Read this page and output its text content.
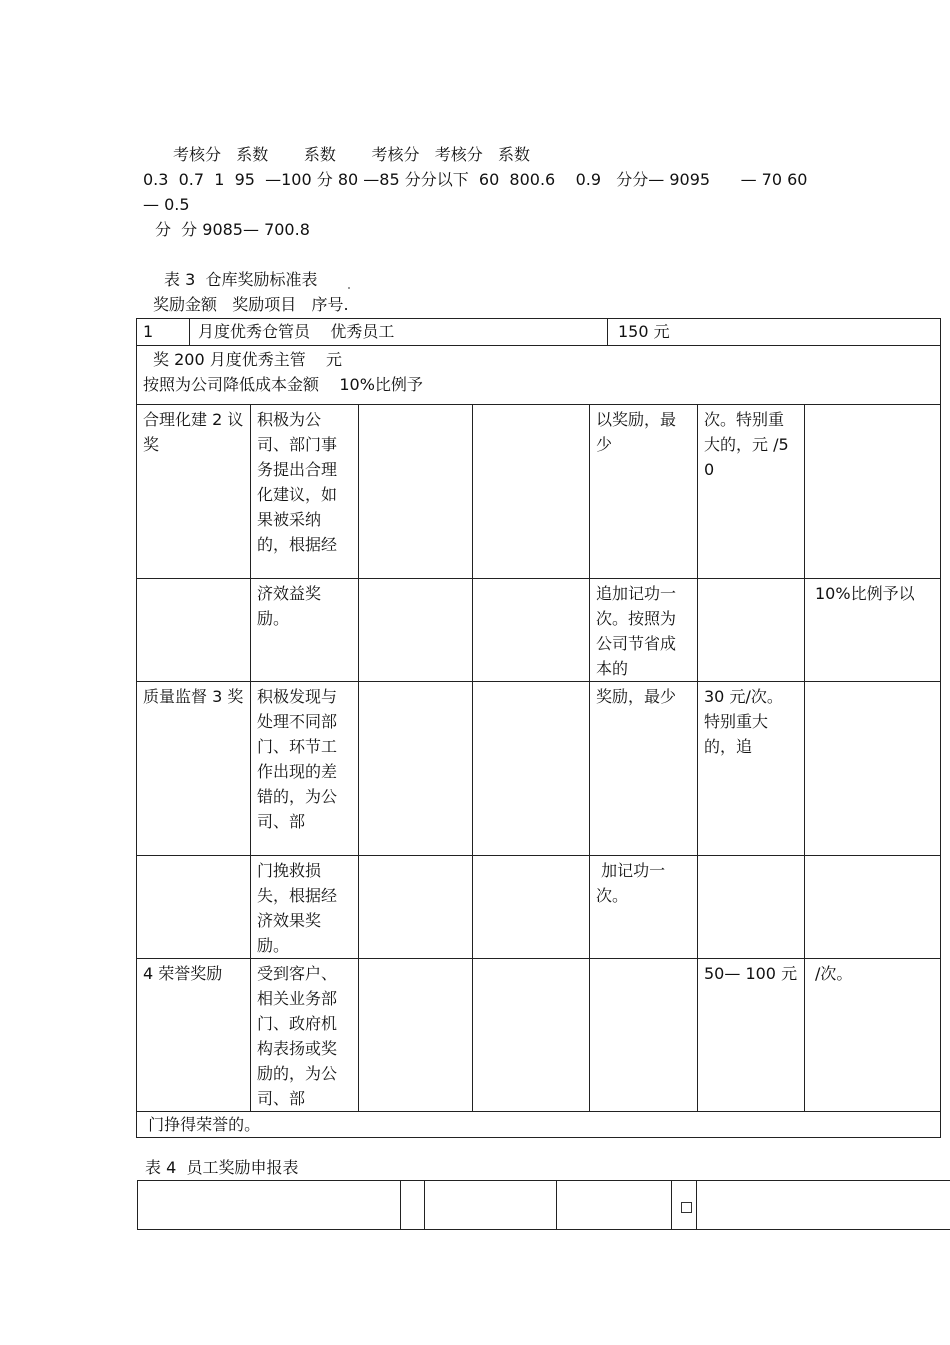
考核分   系数       系数       考核分   考核分   系数
0.3  0.7  1  95  —100 分 80 —85 分分以下  60  800.6    0.9   分分— 9095      — 70 60
— 0.5
分  分 9085— 700.8
表 3  仓库奖励标准表
奖励金额   奖励项目   序号.
1 月度优秀仓管员    优秀员工 150 元						

奖 200 月度优秀主管    元
按照为公司降低成本金额    10%比例予						

合理化建 2 议奖	积极为公司、部门事务提出合理化建议，如果被采纳的，根据经			以奖励，最少	次。特别重大的，元 /50	
	济效益奖励。			追加记功一次。按照为公司节省成本的		10%比例予以
质量监督 3 奖	积极发现与处理不同部门、环节工作出现的差错的，为公司、部			奖励，最少	30 元/次。特别重大的，追	
	门挽救损失，根据经济效果奖励。			加记功一次。		
4 荣誉奖励	受到客户、相关业务部门、政府机构表扬或奖励的，为公司、部				50— 100 元	/次。
门挣得荣誉的。						
表 4  员工奖励申报表
